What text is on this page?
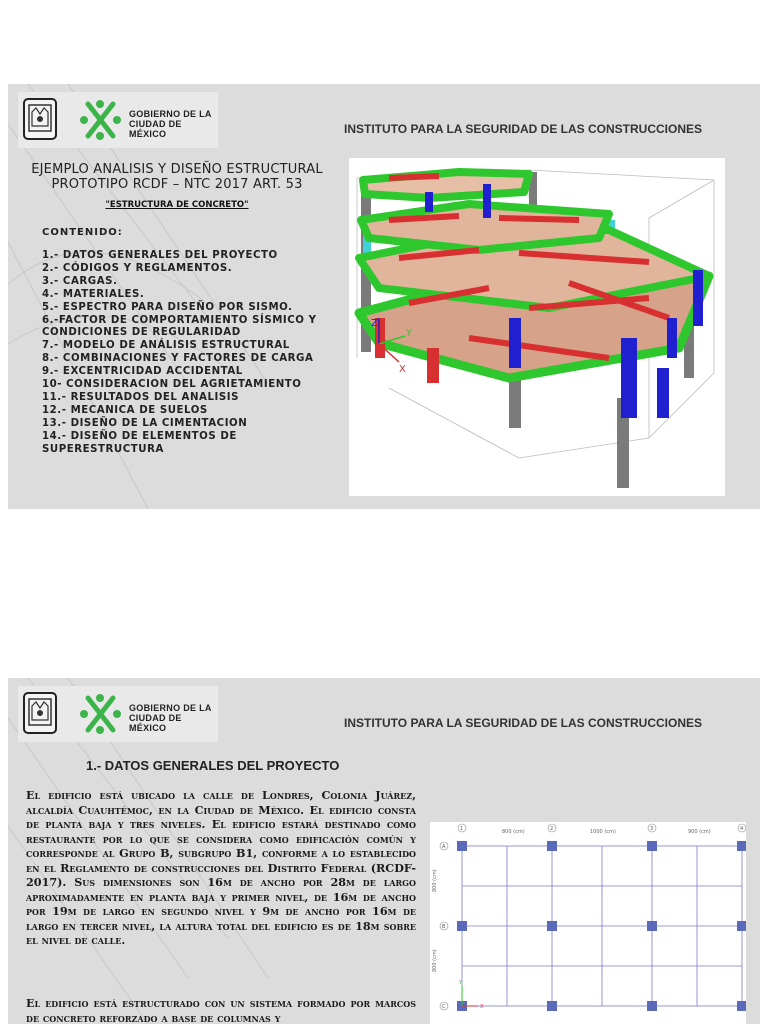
GOBIERNO DE LA
CIUDAD DE MÉXICO	INSTITUTO PARA LA SEGURIDAD DE LAS CONSTRUCCIONES
EJEMPLO ANALISIS Y DISEÑO ESTRUCTURAL
PROTOTIPO RCDF – NTC 2017 ART. 53
"ESTRUCTURA DE CONCRETO"
CONTENIDO:
1.- DATOS GENERALES DEL PROYECTO
2.- CÓDIGOS Y REGLAMENTOS.
3.- CARGAS.
4.- MATERIALES.
5.- ESPECTRO PARA DISEÑO POR SISMO.
6.-FACTOR DE COMPORTAMIENTO SÍSMICO Y
CONDICIONES DE REGULARIDAD
7.- MODELO DE ANÁLISIS ESTRUCTURAL
8.- COMBINACIONES Y FACTORES DE CARGA
9.- EXCENTRICIDAD ACCIDENTAL
10- CONSIDERACION DEL AGRIETAMIENTO
11.- RESULTADOS DEL ANALISIS
12.- MECANICA DE SUELOS
13.- DISEÑO DE LA CIMENTACION
14.- DISEÑO DE ELEMENTOS DE
SUPERESTRUCTURA
Z
Y
X
GOBIERNO DE LA
CIUDAD DE MÉXICO	INSTITUTO PARA LA SEGURIDAD DE LAS CONSTRUCCIONES
1.- DATOS GENERALES DEL PROYECTO

El edificio está ubicado la calle de Londres, Colonia Juárez, alcaldía Cuauhtémoc, en la Ciudad de México. El edificio consta de planta baja y tres niveles. El edificio estará destinado como restaurante por lo que se considera como edificación común y corresponde al Grupo B, subgrupo B1, conforme a lo establecido en el Reglamento de construcciones del Distrito Federal (RCDF-2017). Sus dimensiones son 16m de ancho por 28m de largo aproximadamente en planta baja y primer nivel, de 16m de ancho por 19m de largo en segundo nivel y 9m de ancho por 16m de largo en tercer nivel, la altura total del edificio es de 18m sobre el nivel de calle.

El edificio está estructurado con un sistema formado por marcos de concreto reforzado a base de columnas y

800 (cm)	1000 (cm)	900 (cm)
1	2	3	4
A
B
C
800 (cm)
800 (cm)
X
Y
